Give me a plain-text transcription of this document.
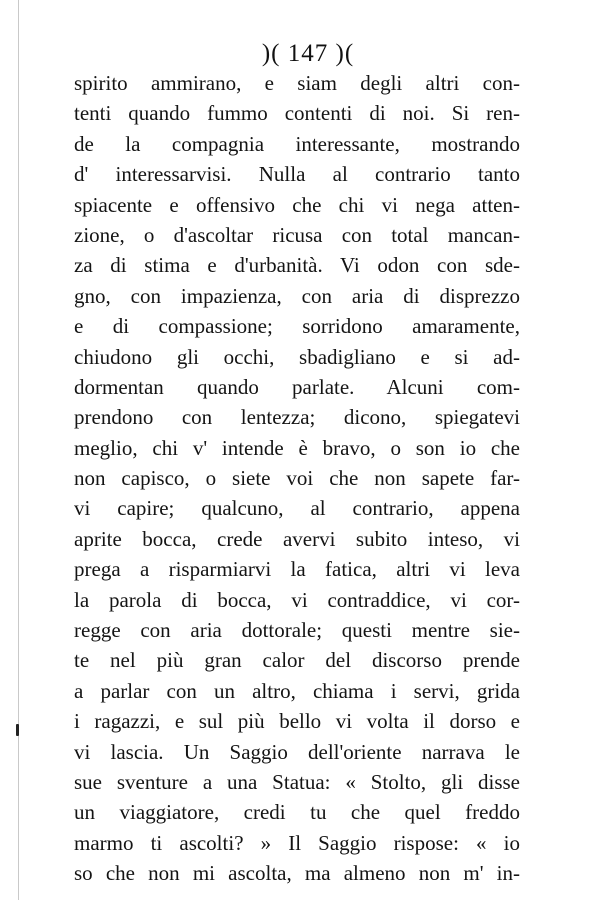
)( 147 )(
spirito ammirano, e siam degli altri con-
tenti quando fummo contenti di noi. Si ren-
de la compagnia interessante, mostrando
d' interessarvisi. Nulla al contrario tanto
spiacente e offensivo che chi vi nega atten-
zione, o d'ascoltar ricusa con total mancan-
za di stima e d'urbanità. Vi odon con sde-
gno, con impazienza, con aria di disprezzo
e di compassione; sorridono amaramente,
chiudono gli occhi, sbadigliano e si ad-
dormentan quando parlate. Alcuni com-
prendono con lentezza; dicono, spiegatevi
meglio, chi v' intende è bravo, o son io che
non capisco, o siete voi che non sapete far-
vi capire; qualcuno, al contrario, appena
aprite bocca, crede avervi subito inteso, vi
prega a risparmiarvi la fatica, altri vi leva
la parola di bocca, vi contraddice, vi cor-
regge con aria dottorale; questi mentre sie-
te nel più gran calor del discorso prende
a parlar con un altro, chiama i servi, grida
i ragazzi, e sul più bello vi volta il dorso e
vi lascia. Un Saggio dell'oriente narrava le
sue sventure a una Statua: « Stolto, gli disse
un viaggiatore, credi tu che quel freddo
marmo ti ascolti? » Il Saggio rispose: « io
so che non mi ascolta, ma almeno non m' in-
